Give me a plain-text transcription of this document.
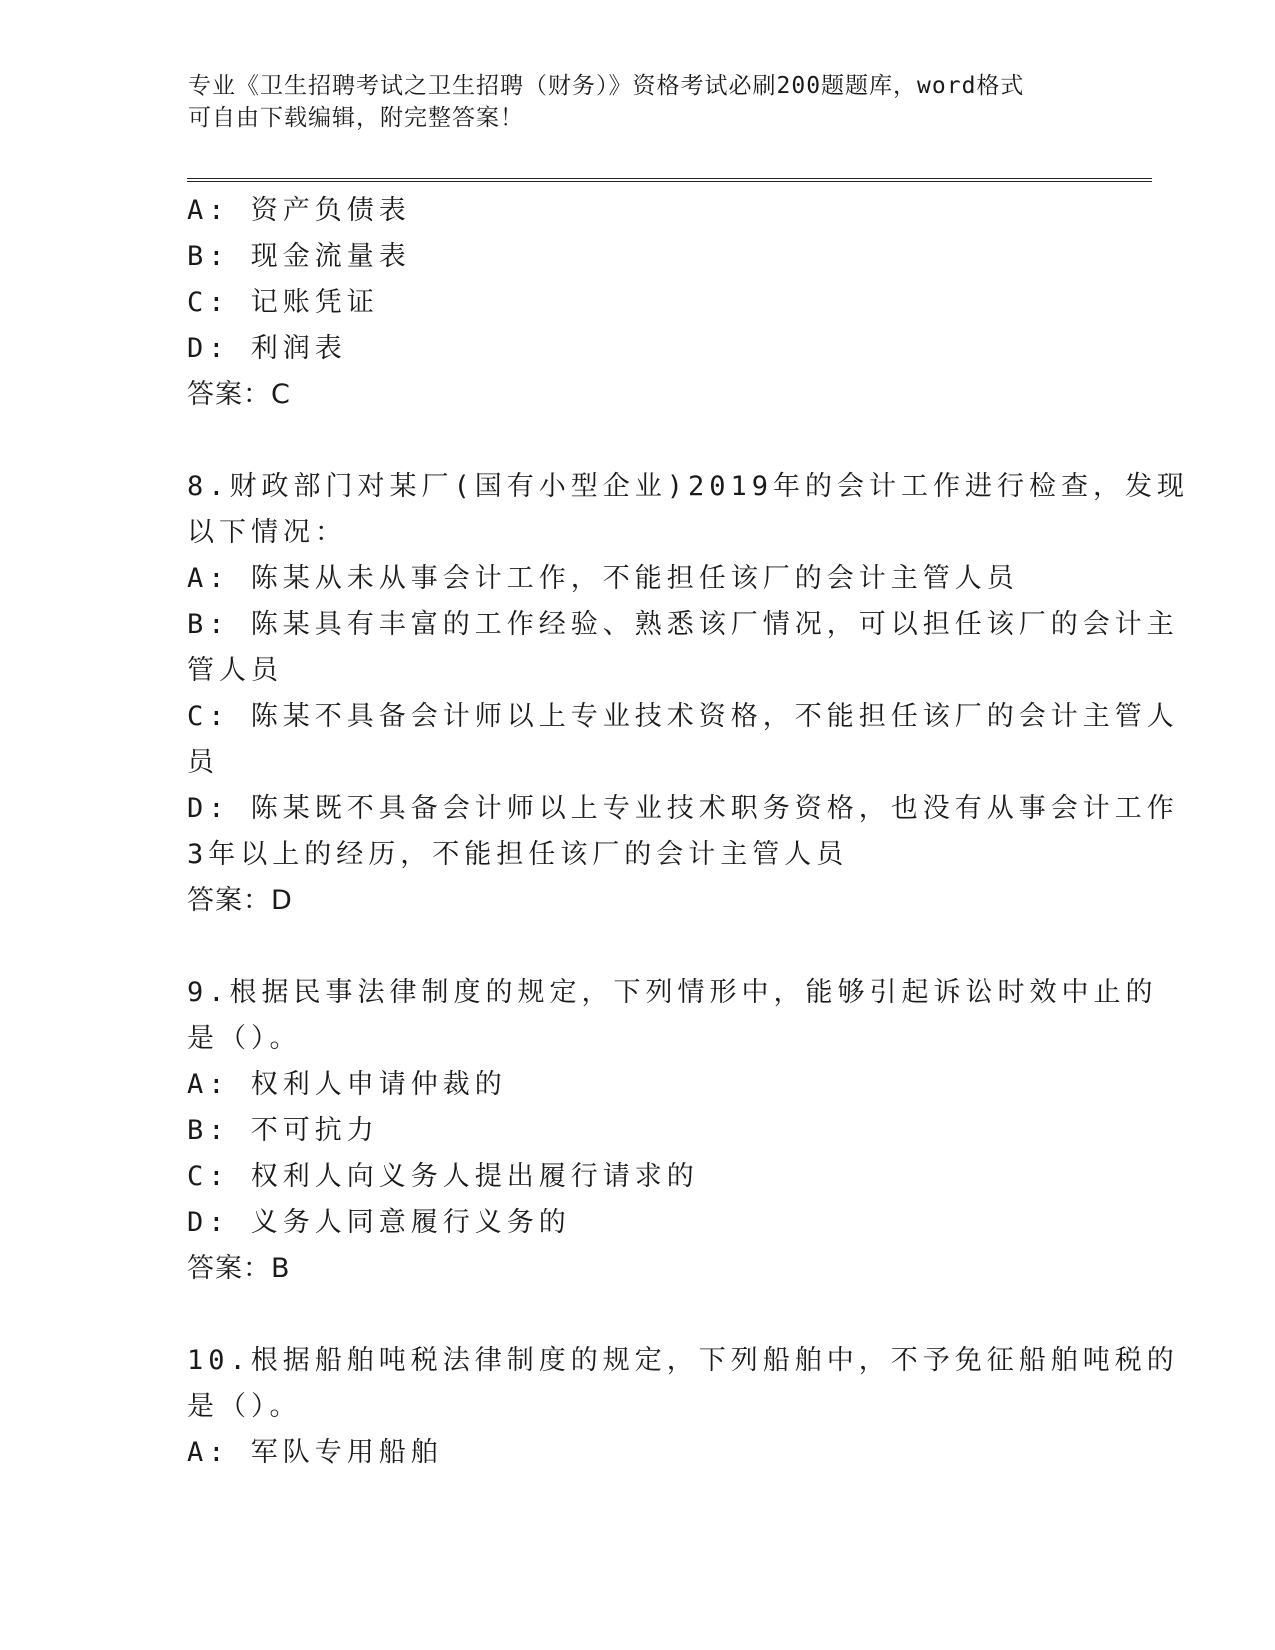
专业《卫生招聘考试之卫生招聘（财务）》资格考试必刷200题题库，word格式
可自由下载编辑，附完整答案！
A: 资产负债表
B: 现金流量表
C: 记账凭证
D: 利润表
答案：C
8.财政部门对某厂(国有小型企业)2019年的会计工作进行检查，发现
以下情况：
A: 陈某从未从事会计工作，不能担任该厂的会计主管人员
B: 陈某具有丰富的工作经验、熟悉该厂情况，可以担任该厂的会计主
管人员
C: 陈某不具备会计师以上专业技术资格，不能担任该厂的会计主管人
员
D: 陈某既不具备会计师以上专业技术职务资格，也没有从事会计工作
3年以上的经历，不能担任该厂的会计主管人员
答案：D
9.根据民事法律制度的规定，下列情形中，能够引起诉讼时效中止的
是（）。
A: 权利人申请仲裁的
B: 不可抗力
C: 权利人向义务人提出履行请求的
D: 义务人同意履行义务的
答案：B
10.根据船舶吨税法律制度的规定，下列船舶中，不予免征船舶吨税的
是（）。
A: 军队专用船舶
